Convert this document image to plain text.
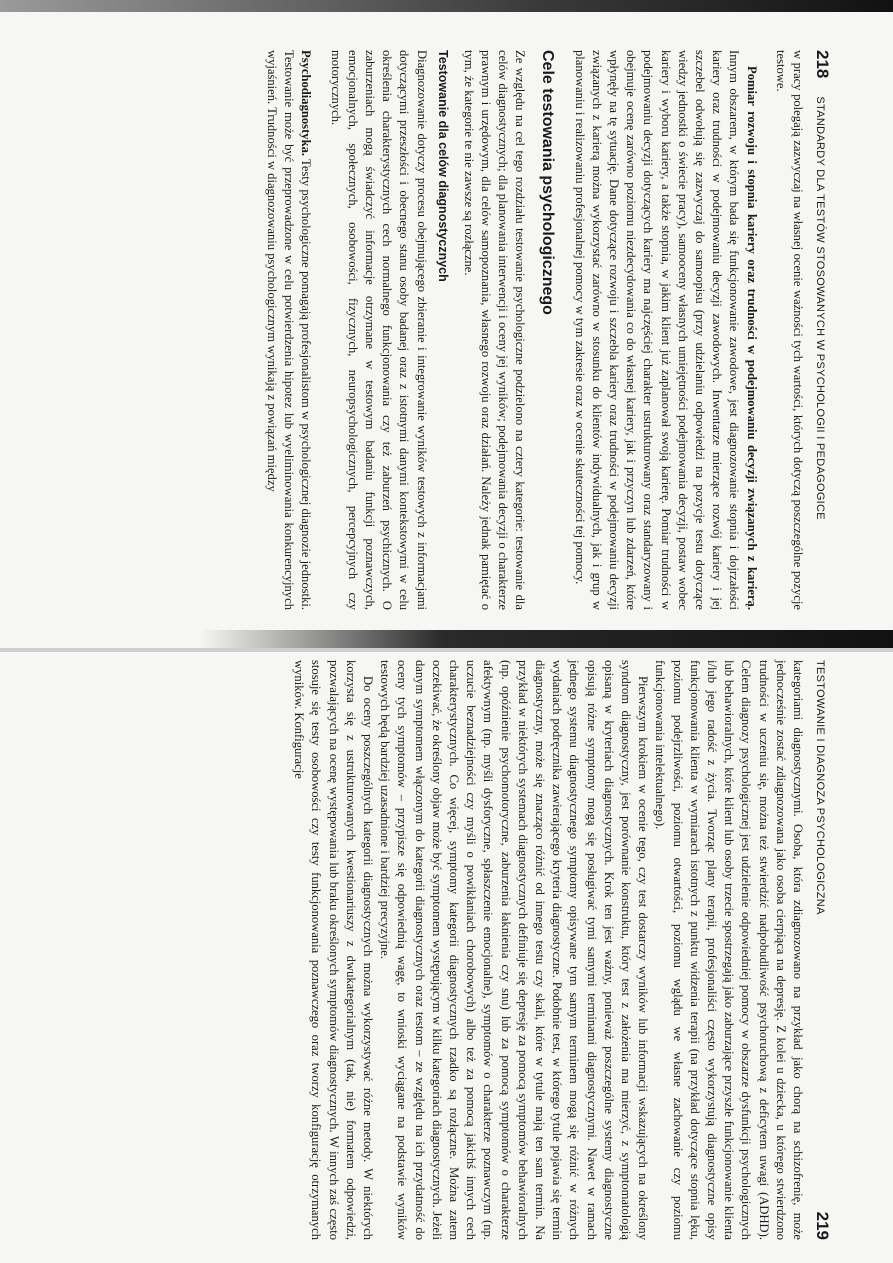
218
STANDARDY DLA TESTÓW STOSOWANYCH W PSYCHOLOGII I PEDAGOGICE

w pracy polegają zazwyczaj na własnej ocenie ważności tych wartości, których dotyczą poszczególne pozycje testowe.

Pomiar rozwoju i stopnia kariery oraz trudności w podejmowaniu decyzji związanych z karierą. Innym obszarem, w którym bada się funkcjonowanie zawodowe, jest diagnozowanie stopnia i dojrzałości kariery oraz trudności w podejmowaniu decyzji zawodowych. Inwentarze mierzące rozwój kariery i jej szczebel odwołują się zazwyczaj do samoopisu (przy udzielaniu odpowiedzi na pozycje testu dotyczące wiedzy jednostki o świecie pracy), samooceny własnych umiejętności podejmowania decyzji, postaw wobec kariery i wyboru kariery, a także stopnia, w jakim klient już zaplanował swoją karierę. Pomiar trudności w podejmowaniu decyzji dotyczących kariery ma najczęściej charakter ustrukturowany oraz standaryzowany i obejmuje ocenę zarówno poziomu niezdecydowania co do własnej kariery, jak i przyczyn lub zdarzeń, które wpłynęły na tę sytuację. Dane dotyczące rozwoju i szczebla kariery oraz trudności w podejmowaniu decyzji związanych z karierą można wykorzystać zarówno w stosunku do klientów indywidualnych, jak i grup w planowaniu i realizowaniu profesjonalnej pomocy w tym zakresie oraz w ocenie skuteczności tej pomocy.

Cele testowania psychologicznego

Ze względu na cel tego rozdziału testowanie psychologiczne podzielono na cztery kategorie: testowanie dla celów diagnostycznych; dla planowania interwencji i oceny jej wyników; podejmowania decyzji o charakterze prawnym i urzędowym, dla celów samopoznania, własnego rozwoju oraz działań. Należy jednak pamiętać o tym, że kategorie te nie zawsze są rozłączne.

Testowanie dla celów diagnostycznych

Diagnozowanie dotyczy procesu obejmującego zbieranie i integrowanie wyników testowych z informacjami dotyczącymi przeszłości i obecnego stanu osoby badanej oraz z istotnymi danymi kontekstowymi w celu określenia charakterystycznych cech normalnego funkcjonowania czy też zaburzeń psychicznych. O zaburzeniach mogą świadczyć informacje otrzymane w testowym badaniu funkcji poznawczych, emocjonalnych, społecznych, osobowości, fizycznych, neuropsychologicznych, percepcyjnych czy motorycznych.

Psychodiagnostyka. Testy psychologiczne pomagają profesjonalistom w psychologicznej diagnozie jednostki. Testowanie może być przeprowadzone w celu potwierdzenia hipotez lub wyeliminowania konkurencyjnych wyjaśnień. Trudności w diagnozowaniu psychologicznym wynikają z powiązań między

TESTOWANIE I DIAGNOZA PSYCHOLOGICZNA
219

kategoriami diagnostycznymi. Osoba, która zdiagnozowano na przykład jako chorą na schizofrenię, może jednocześnie zostać zdiagnozowana jako osoba cierpiąca na depresję. Z kolei u dziecka, u którego stwierdzono trudności w uczeniu się, można też stwierdzić nadpobudliwość psychoruchową z deficytem uwagi (ADHD). Celem diagnozy psychologicznej jest udzielenie odpowiedniej pomocy w obszarze dysfunkcji psychologicznych lub behawioralnych, które klient lub osoby trzecie spostrzegają jako zaburzające przyszłe funkcjonowanie klienta i/lub jego radość z życia. Tworząc plany terapii, profesjonaliści często wykorzystują diagnostyczne opisy funkcjonowania klienta w wymiarach istotnych z punktu widzenia terapii (na przykład dotyczące stopnia lęku, poziomu podejrzliwości, poziomu otwartości, poziomu wglądu we własne zachowanie czy poziomu funkcjonowania intelektualnego).

Pierwszym krokiem w ocenie tego, czy test dostarczy wyników lub informacji wskazujących na określony syndrom diagnostyczny, jest porównanie konstruktu, który test z założenia ma mierzyć, z symptomatologią opisaną w kryteriach diagnostycznych. Krok ten jest ważny, ponieważ poszczególne systemy diagnostyczne opisują różne symptomy mogą się posługiwać tymi samymi terminami diagnostycznymi. Nawet w ramach jednego systemu diagnostycznego symptomy opisywane tym samym terminem mogą się różnić w różnych wydaniach podręcznika zawierającego kryteria diagnostyczne. Podobnie test, w którego tytule pojawia się termin diagnostyczny, może się znacząco różnić od innego testu czy skali, które w tytule mają ten sam termin. Na przykład w niektórych systemach diagnostycznych definiuje się depresję za pomocą symptomów behawioralnych (np. opóźnienie psychomotoryczne, zaburzenia łaknienia czy snu) lub za pomocą symptomów o charakterze afektywnym (np. myśli dysforyczne, spłaszczenie emocjonalne), symptomów o charakterze poznawczym (np. uczucie beznadziejności czy myśli o powikłaniach chorobowych) albo też za pomocą jakichś innych cech charakterystycznych. Co więcej, symptomy kategorii diagnostycznych rzadko są rozłączne. Można zatem oczekiwać, że określony objaw może być symptomem występującym w kilku kategoriach diagnostycznych. Jeżeli danym symptomem włączonym do kategorii diagnostycznych oraz testom – ze względu na ich przydatność do oceny tych symptomów – przypisze się odpowiednią wagę, to wnioski wyciągane na podstawie wyników testowych będą bardziej uzasadnione i bardziej precyzyjne.

Do oceny poszczególnych kategorii diagnostycznych można wykorzystywać różne metody. W niektórych korzysta się z ustrukturowanych kwestionariuszy z dwukategorialnym (tak, nie) formatem odpowiedzi, pozwalających na ocenę występowania lub braku określonych symptomów diagnostycznych. W innych zaś często stosuje się testy osobowości czy testy funkcjonowania poznawczego oraz tworzy konfigurację otrzymanych wyników. Konfiguracje
